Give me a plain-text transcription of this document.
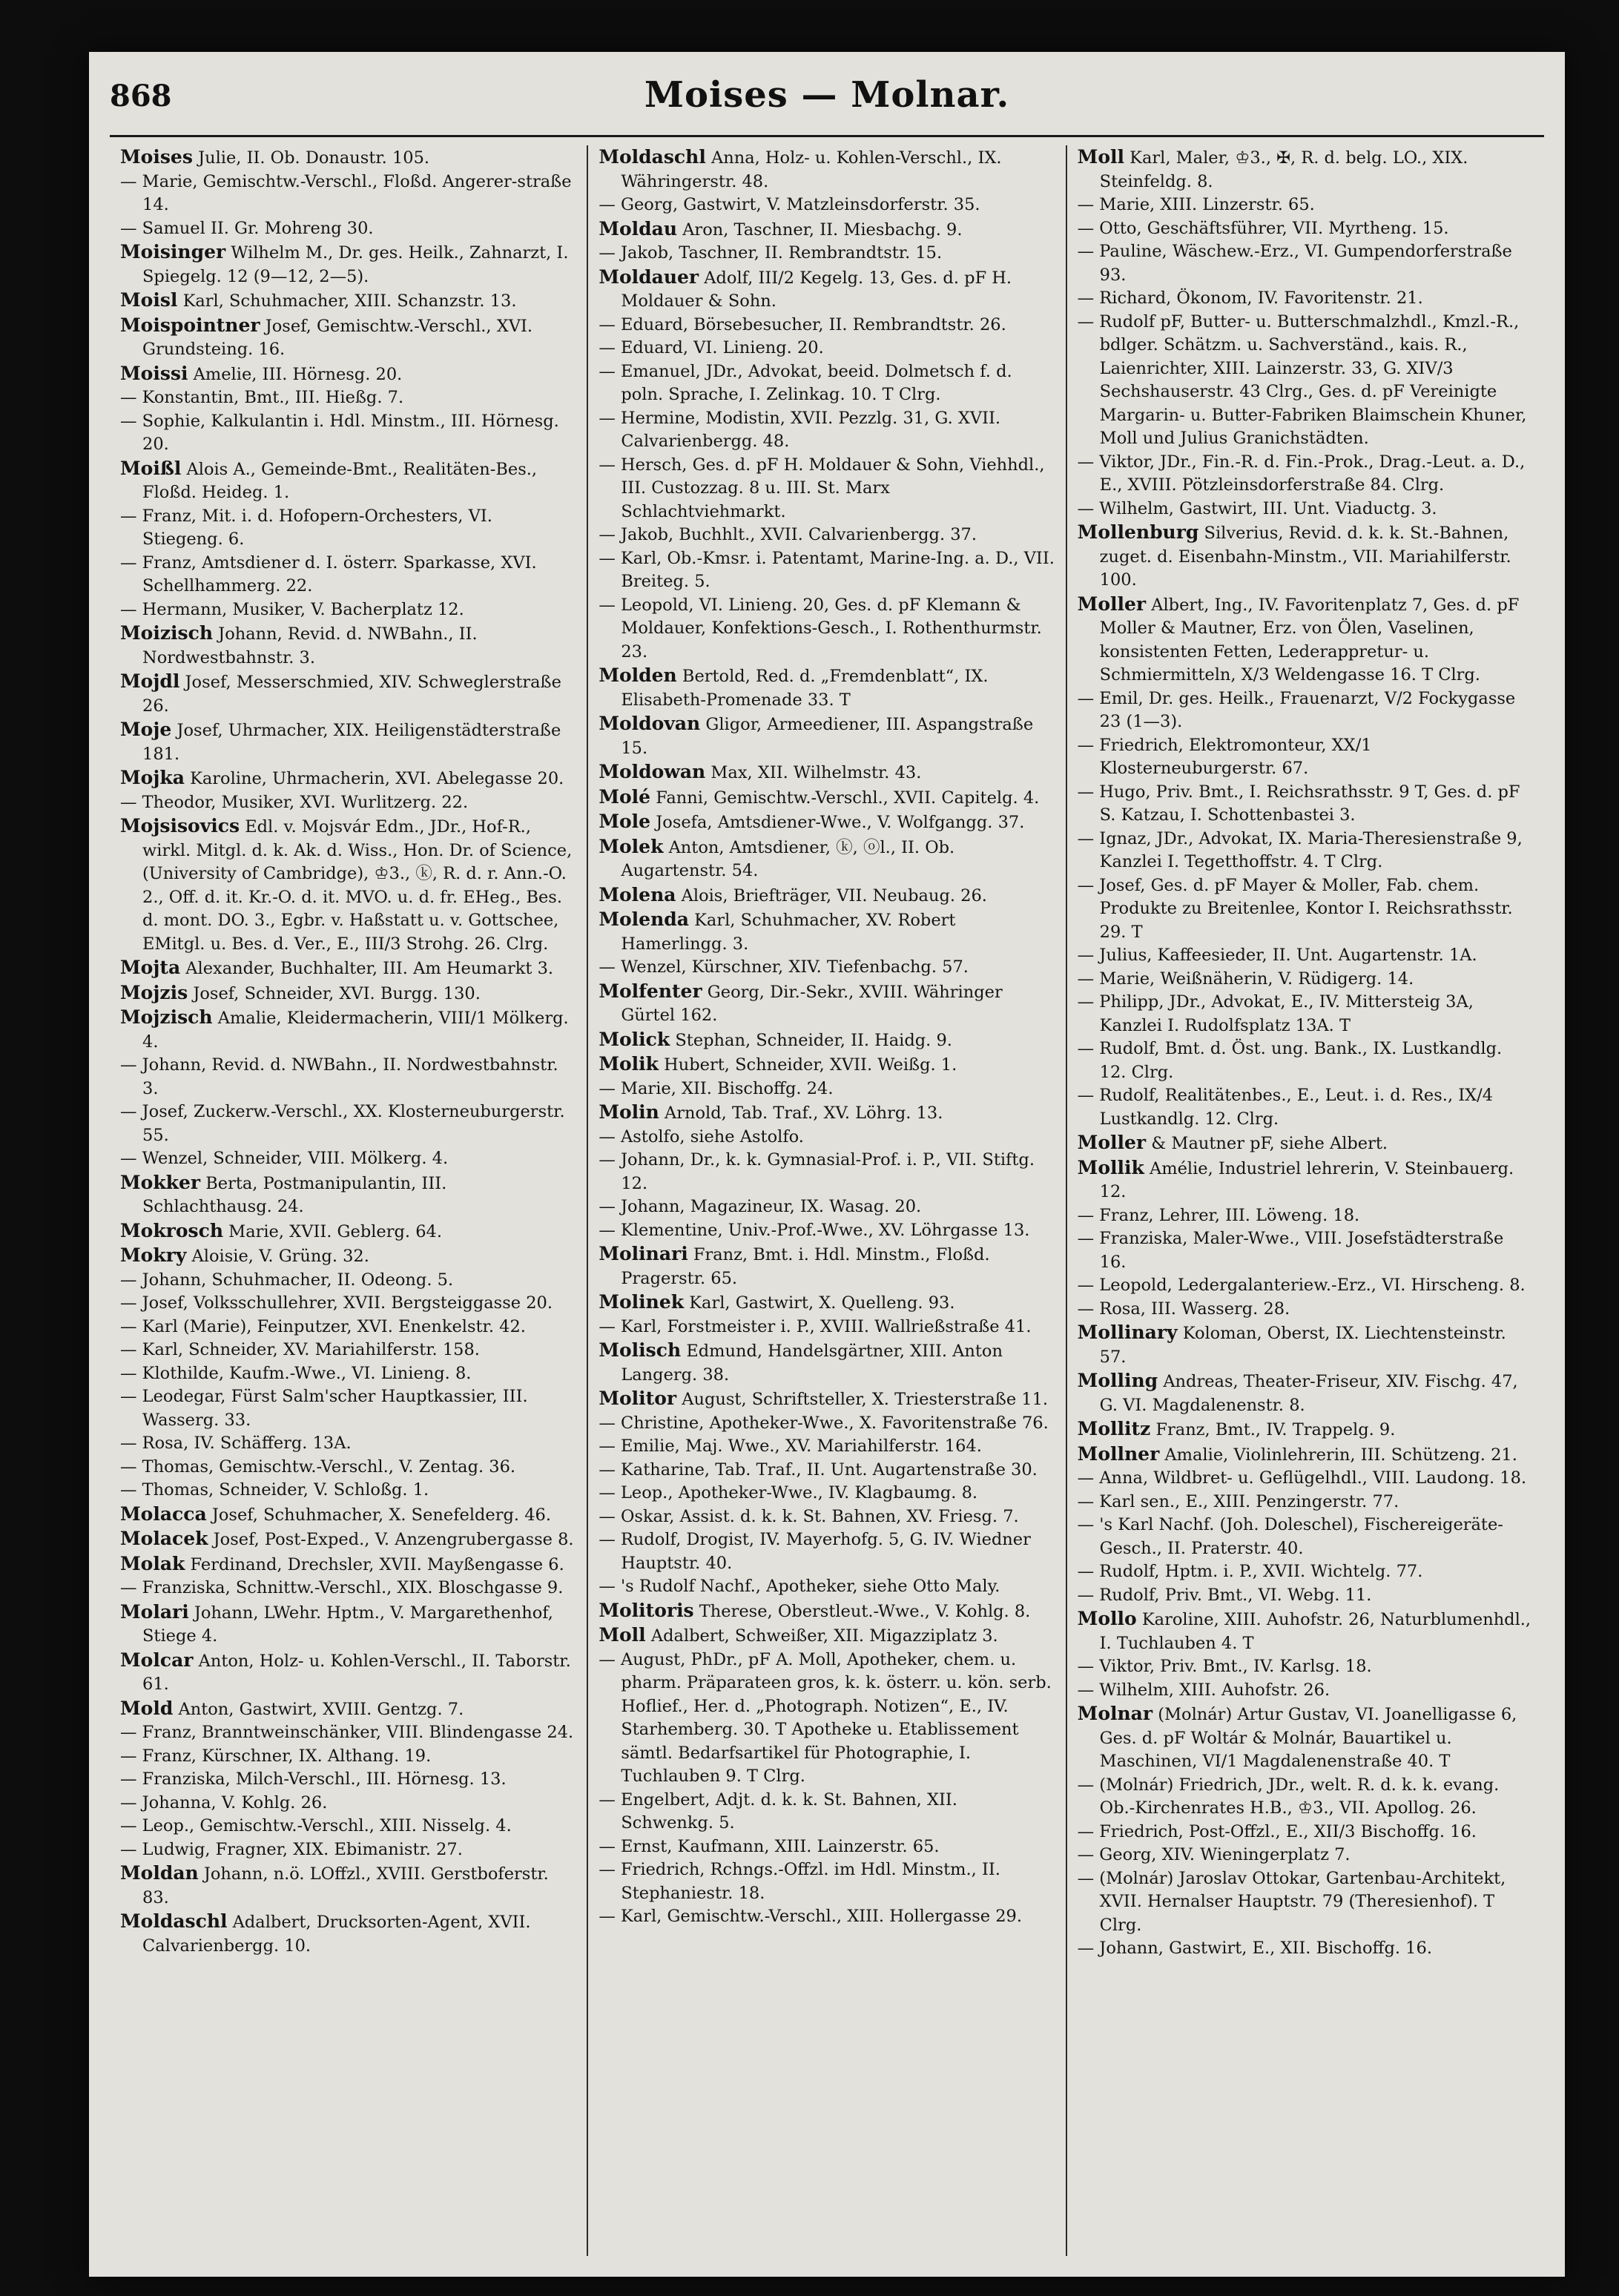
868	Moises — Molnar.

Moises Julie, II. Ob. Donaustr. 105.

— Marie, Gemischtw.-Verschl., Floßd. Angerer-straße 14.

— Samuel II. Gr. Mohreng 30.

Moisinger Wilhelm M., Dr. ges. Heilk., Zahnarzt, I. Spiegelg. 12 (9—12, 2—5).

Moisl Karl, Schuhmacher, XIII. Schanzstr. 13.

Moispointner Josef, Gemischtw.-Verschl., XVI. Grundsteing. 16.

Moissi Amelie, III. Hörnesg. 20.

— Konstantin, Bmt., III. Hießg. 7.

— Sophie, Kalkulantin i. Hdl. Minstm., III. Hörnesg. 20.

Moißl Alois A., Gemeinde-Bmt., Realitäten-Bes., Floßd. Heideg. 1.

— Franz, Mit. i. d. Hofopern-Orchesters, VI. Stiegeng. 6.

— Franz, Amtsdiener d. I. österr. Sparkasse, XVI. Schellhammerg. 22.

— Hermann, Musiker, V. Bacherplatz 12.

Moizisch Johann, Revid. d. NWBahn., II. Nordwestbahnstr. 3.

Mojdl Josef, Messerschmied, XIV. Schweglerstraße 26.

Moje Josef, Uhrmacher, XIX. Heiligenstädterstraße 181.

Mojka Karoline, Uhrmacherin, XVI. Abelegasse 20.

— Theodor, Musiker, XVI. Wurlitzerg. 22.

Mojsisovics Edl. v. Mojsvár Edm., JDr., Hof-R., wirkl. Mitgl. d. k. Ak. d. Wiss., Hon. Dr. of Science, (University of Cambridge), ♔3., ⓚ, R. d. r. Ann.-O. 2., Off. d. it. Kr.-O. d. it. MVO. u. d. fr. EHeg., Bes. d. mont. DO. 3., Egbr. v. Haßstatt u. v. Gottschee, EMitgl. u. Bes. d. Ver., E., III/3 Strohg. 26. Clrg.

Mojta Alexander, Buchhalter, III. Am Heumarkt 3.

Mojzis Josef, Schneider, XVI. Burgg. 130.

Mojzisch Amalie, Kleidermacherin, VIII/1 Mölkerg. 4.

— Johann, Revid. d. NWBahn., II. Nordwestbahnstr. 3.

— Josef, Zuckerw.-Verschl., XX. Klosterneuburgerstr. 55.

— Wenzel, Schneider, VIII. Mölkerg. 4.

Mokker Berta, Postmanipulantin, III. Schlachthausg. 24.

Mokrosch Marie, XVII. Geblerg. 64.

Mokry Aloisie, V. Grüng. 32.

— Johann, Schuhmacher, II. Odeong. 5.

— Josef, Volksschullehrer, XVII. Bergsteiggasse 20.

— Karl (Marie), Feinputzer, XVI. Enenkelstr. 42.

— Karl, Schneider, XV. Mariahilferstr. 158.

— Klothilde, Kaufm.-Wwe., VI. Linieng. 8.

— Leodegar, Fürst Salm'scher Hauptkassier, III. Wasserg. 33.

— Rosa, IV. Schäfferg. 13A.

— Thomas, Gemischtw.-Verschl., V. Zentag. 36.

— Thomas, Schneider, V. Schloßg. 1.

Molacca Josef, Schuhmacher, X. Senefelderg. 46.

Molacek Josef, Post-Exped., V. Anzengrubergasse 8.

Molak Ferdinand, Drechsler, XVII. Mayßengasse 6.

— Franziska, Schnittw.-Verschl., XIX. Bloschgasse 9.

Molari Johann, LWehr. Hptm., V. Margarethenhof, Stiege 4.

Molcar Anton, Holz- u. Kohlen-Verschl., II. Taborstr. 61.

Mold Anton, Gastwirt, XVIII. Gentzg. 7.

— Franz, Branntweinschänker, VIII. Blindengasse 24.

— Franz, Kürschner, IX. Althang. 19.

— Franziska, Milch-Verschl., III. Hörnesg. 13.

— Johanna, V. Kohlg. 26.

— Leop., Gemischtw.-Verschl., XIII. Nisselg. 4.

— Ludwig, Fragner, XIX. Ebimanistr. 27.

Moldan Johann, n.ö. LOffzl., XVIII. Gerstboferstr. 83.

Moldaschl Adalbert, Drucksorten-Agent, XVII. Calvarienbergg. 10.

Moldaschl Anna, Holz- u. Kohlen-Verschl., IX. Währingerstr. 48.

— Georg, Gastwirt, V. Matzleinsdorferstr. 35.

Moldau Aron, Taschner, II. Miesbachg. 9.

— Jakob, Taschner, II. Rembrandtstr. 15.

Moldauer Adolf, III/2 Kegelg. 13, Ges. d. pF H. Moldauer & Sohn.

— Eduard, Börsebesucher, II. Rembrandtstr. 26.

— Eduard, VI. Linieng. 20.

— Emanuel, JDr., Advokat, beeid. Dolmetsch f. d. poln. Sprache, I. Zelinkag. 10. T Clrg.

— Hermine, Modistin, XVII. Pezzlg. 31, G. XVII. Calvarienbergg. 48.

— Hersch, Ges. d. pF H. Moldauer & Sohn, Viehhdl., III. Custozzag. 8 u. III. St. Marx Schlachtviehmarkt.

— Jakob, Buchhlt., XVII. Calvarienbergg. 37.

— Karl, Ob.-Kmsr. i. Patentamt, Marine-Ing. a. D., VII. Breiteg. 5.

— Leopold, VI. Linieng. 20, Ges. d. pF Klemann & Moldauer, Konfektions-Gesch., I. Rothenthurmstr. 23.

Molden Bertold, Red. d. „Fremdenblatt“, IX. Elisabeth-Promenade 33. T

Moldovan Gligor, Armeediener, III. Aspangstraße 15.

Moldowan Max, XII. Wilhelmstr. 43.

Molé Fanni, Gemischtw.-Verschl., XVII. Capitelg. 4.

Mole Josefa, Amtsdiener-Wwe., V. Wolfgangg. 37.

Molek Anton, Amtsdiener, ⓚ, ⓞl., II. Ob. Augartenstr. 54.

Molena Alois, Briefträger, VII. Neubaug. 26.

Molenda Karl, Schuhmacher, XV. Robert Hamerlingg. 3.

— Wenzel, Kürschner, XIV. Tiefenbachg. 57.

Molfenter Georg, Dir.-Sekr., XVIII. Währinger Gürtel 162.

Molick Stephan, Schneider, II. Haidg. 9.

Molik Hubert, Schneider, XVII. Weißg. 1.

— Marie, XII. Bischoffg. 24.

Molin Arnold, Tab. Traf., XV. Löhrg. 13.

— Astolfo, siehe Astolfo.

— Johann, Dr., k. k. Gymnasial-Prof. i. P., VII. Stiftg. 12.

— Johann, Magazineur, IX. Wasag. 20.

— Klementine, Univ.-Prof.-Wwe., XV. Löhrgasse 13.

Molinari Franz, Bmt. i. Hdl. Minstm., Floßd. Pragerstr. 65.

Molinek Karl, Gastwirt, X. Quelleng. 93.

— Karl, Forstmeister i. P., XVIII. Wallrießstraße 41.

Molisch Edmund, Handelsgärtner, XIII. Anton Langerg. 38.

Molitor August, Schriftsteller, X. Triesterstraße 11.

— Christine, Apotheker-Wwe., X. Favoritenstraße 76.

— Emilie, Maj. Wwe., XV. Mariahilferstr. 164.

— Katharine, Tab. Traf., II. Unt. Augartenstraße 30.

— Leop., Apotheker-Wwe., IV. Klagbaumg. 8.

— Oskar, Assist. d. k. k. St. Bahnen, XV. Friesg. 7.

— Rudolf, Drogist, IV. Mayerhofg. 5, G. IV. Wiedner Hauptstr. 40.

— 's Rudolf Nachf., Apotheker, siehe Otto Maly.

Molitoris Therese, Oberstleut.-Wwe., V. Kohlg. 8.

Moll Adalbert, Schweißer, XII. Migazziplatz 3.

— August, PhDr., pF A. Moll, Apotheker, chem. u. pharm. Präparateen gros, k. k. österr. u. kön. serb. Hoflief., Her. d. „Photograph. Notizen“, E., IV. Starhemberg. 30. T Apotheke u. Etablissement sämtl. Bedarfsartikel für Photographie, I. Tuchlauben 9. T Clrg.

— Engelbert, Adjt. d. k. k. St. Bahnen, XII. Schwenkg. 5.

— Ernst, Kaufmann, XIII. Lainzerstr. 65.

— Friedrich, Rchngs.-Offzl. im Hdl. Minstm., II. Stephaniestr. 18.

— Karl, Gemischtw.-Verschl., XIII. Hollergasse 29.

Moll Karl, Maler, ♔3., ✠, R. d. belg. LO., XIX. Steinfeldg. 8.

— Marie, XIII. Linzerstr. 65.

— Otto, Geschäftsführer, VII. Myrtheng. 15.

— Pauline, Wäschew.-Erz., VI. Gumpendorferstraße 93.

— Richard, Ökonom, IV. Favoritenstr. 21.

— Rudolf pF, Butter- u. Butterschmalzhdl., Kmzl.-R., bdlger. Schätzm. u. Sachverständ., kais. R., Laienrichter, XIII. Lainzerstr. 33, G. XIV/3 Sechshauserstr. 43 Clrg., Ges. d. pF Vereinigte Margarin- u. Butter-Fabriken Blaimschein Khuner, Moll und Julius Granichstädten.

— Viktor, JDr., Fin.-R. d. Fin.-Prok., Drag.-Leut. a. D., E., XVIII. Pötzleinsdorferstraße 84. Clrg.

— Wilhelm, Gastwirt, III. Unt. Viaductg. 3.

Mollenburg Silverius, Revid. d. k. k. St.-Bahnen, zuget. d. Eisenbahn-Minstm., VII. Mariahilferstr. 100.

Moller Albert, Ing., IV. Favoritenplatz 7, Ges. d. pF Moller & Mautner, Erz. von Ölen, Vaselinen, konsistenten Fetten, Lederappretur- u. Schmiermitteln, X/3 Weldengasse 16. T Clrg.

— Emil, Dr. ges. Heilk., Frauenarzt, V/2 Fockygasse 23 (1—3).

— Friedrich, Elektromonteur, XX/1 Klosterneuburgerstr. 67.

— Hugo, Priv. Bmt., I. Reichsrathsstr. 9 T, Ges. d. pF S. Katzau, I. Schottenbastei 3.

— Ignaz, JDr., Advokat, IX. Maria-Theresienstraße 9, Kanzlei I. Tegetthoffstr. 4. T Clrg.

— Josef, Ges. d. pF Mayer & Moller, Fab. chem. Produkte zu Breitenlee, Kontor I. Reichsrathsstr. 29. T

— Julius, Kaffeesieder, II. Unt. Augartenstr. 1A.

— Marie, Weißnäherin, V. Rüdigerg. 14.

— Philipp, JDr., Advokat, E., IV. Mittersteig 3A, Kanzlei I. Rudolfsplatz 13A. T

— Rudolf, Bmt. d. Öst. ung. Bank., IX. Lustkandlg. 12. Clrg.

— Rudolf, Realitätenbes., E., Leut. i. d. Res., IX/4 Lustkandlg. 12. Clrg.

Moller & Mautner pF, siehe Albert.

Mollik Amélie, Industriel lehrerin, V. Steinbauerg. 12.

— Franz, Lehrer, III. Löweng. 18.

— Franziska, Maler-Wwe., VIII. Josefstädterstraße 16.

— Leopold, Ledergalanteriew.-Erz., VI. Hirscheng. 8.

— Rosa, III. Wasserg. 28.

Mollinary Koloman, Oberst, IX. Liechtensteinstr. 57.

Molling Andreas, Theater-Friseur, XIV. Fischg. 47, G. VI. Magdalenenstr. 8.

Mollitz Franz, Bmt., IV. Trappelg. 9.

Mollner Amalie, Violinlehrerin, III. Schützeng. 21.

— Anna, Wildbret- u. Geflügelhdl., VIII. Laudong. 18.

— Karl sen., E., XIII. Penzingerstr. 77.

— 's Karl Nachf. (Joh. Doleschel), Fischereigeräte-Gesch., II. Praterstr. 40.

— Rudolf, Hptm. i. P., XVII. Wichtelg. 77.

— Rudolf, Priv. Bmt., VI. Webg. 11.

Mollo Karoline, XIII. Auhofstr. 26, Naturblumenhdl., I. Tuchlauben 4. T

— Viktor, Priv. Bmt., IV. Karlsg. 18.

— Wilhelm, XIII. Auhofstr. 26.

Molnar (Molnár) Artur Gustav, VI. Joanelligasse 6, Ges. d. pF Woltár & Molnár, Bauartikel u. Maschinen, VI/1 Magdalenenstraße 40. T

— (Molnár) Friedrich, JDr., welt. R. d. k. k. evang. Ob.-Kirchenrates H.B., ♔3., VII. Apollog. 26.

— Friedrich, Post-Offzl., E., XII/3 Bischoffg. 16.

— Georg, XIV. Wieningerplatz 7.

— (Molnár) Jaroslav Ottokar, Gartenbau-Architekt, XVII. Hernalser Hauptstr. 79 (Theresienhof). T Clrg.

— Johann, Gastwirt, E., XII. Bischoffg. 16.
